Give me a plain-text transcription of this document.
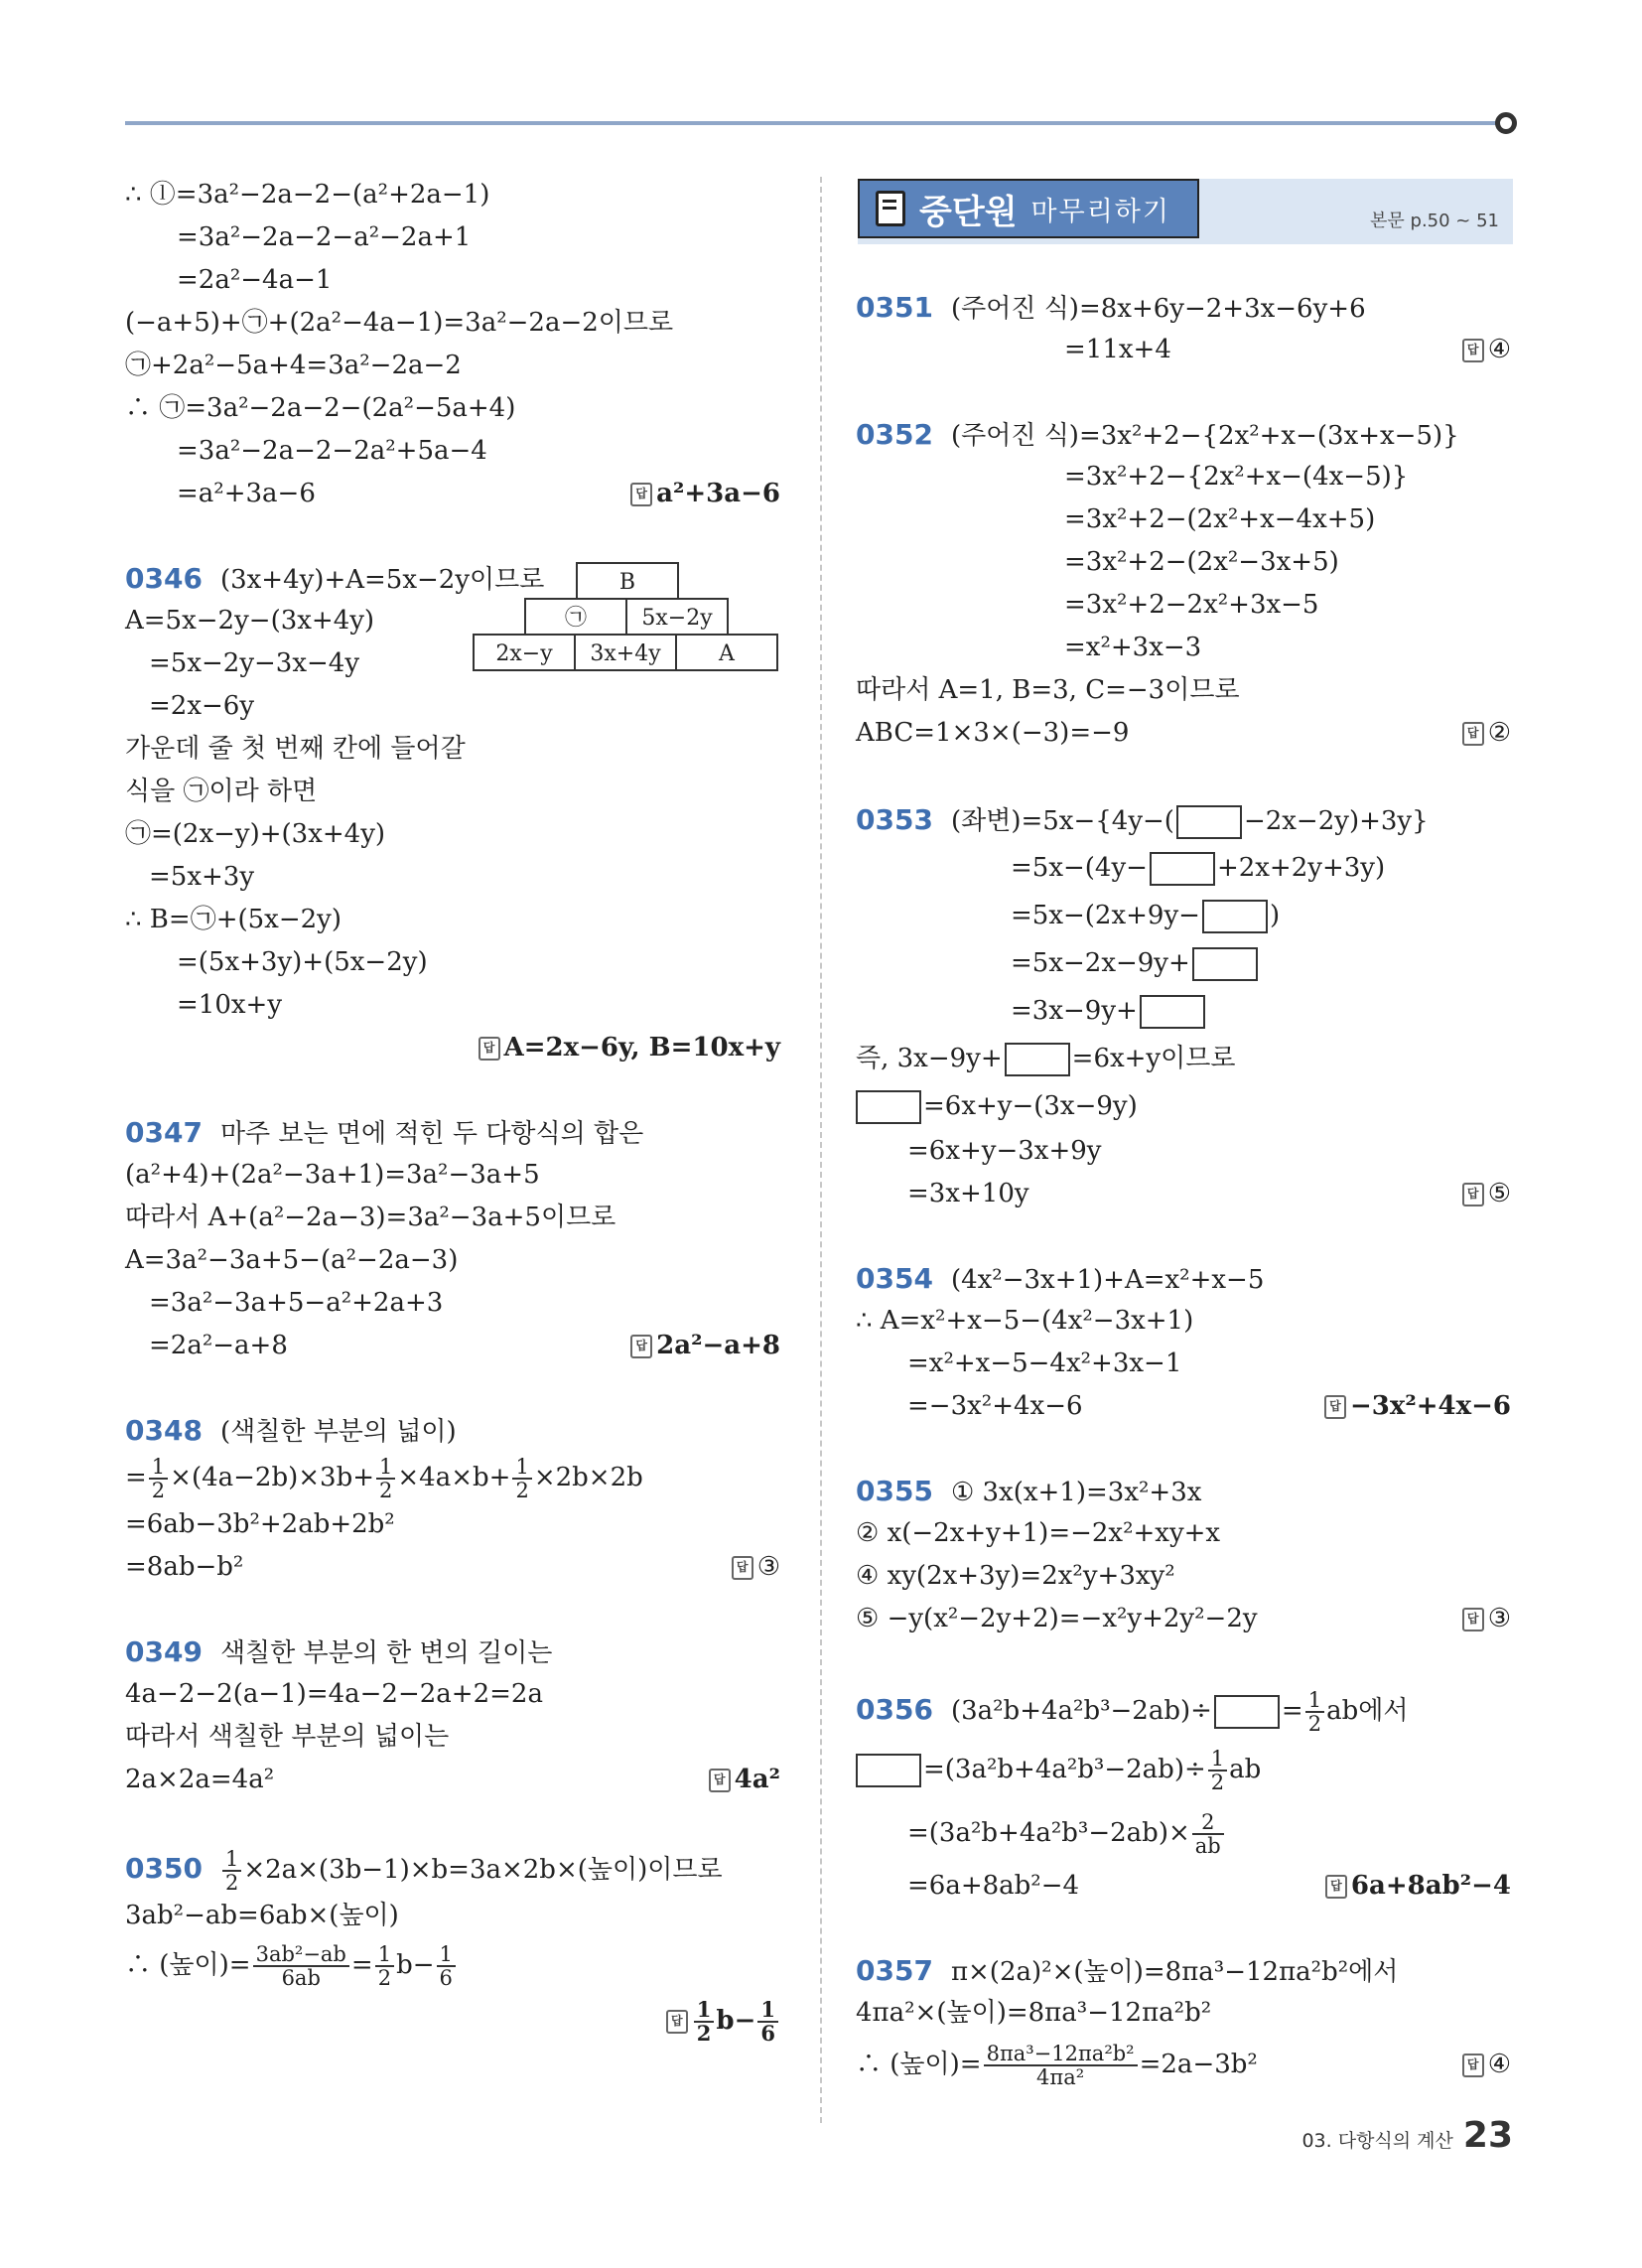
∴ ⓛ=3a²−2a−2−(a²+2a−1)
=3a²−2a−2−a²−2a+1
=2a²−4a−1
(−a+5)+㉠+(2a²−4a−1)=3a²−2a−2이므로
㉠+2a²−5a+4=3a²−2a−2
∴ ㉠=3a²−2a−2−(2a²−5a+4)
=3a²−2a−2−2a²+5a−4
=a²+3a−6	답 a²+3a−6
0346 (3x+4y)+A=5x−2y이므로
A=5x−2y−(3x+4y)
=5x−2y−3x−4y
=2x−6y
가운데 줄 첫 번째 칸에 들어갈
식을 ㉠이라 하면
㉠=(2x−y)+(3x+4y)
=5x+3y
∴ B=㉠+(5x−2y)
=(5x+3y)+(5x−2y)
=10x+y
답 A=2x−6y, B=10x+y
0347 마주 보는 면에 적힌 두 다항식의 합은
(a²+4)+(2a²−3a+1)=3a²−3a+5
따라서 A+(a²−2a−3)=3a²−3a+5이므로
A=3a²−3a+5−(a²−2a−3)
=3a²−3a+5−a²+2a+3
=2a²−a+8	답 2a²−a+8
0348 (색칠한 부분의 넓이)
= $\frac{1}{2} \times(4a-2b)\times 3b+ \frac{1}{2} \times 4a\times b+ \frac{1}{2} \times 2b\times 2b$
=6ab−3b²+2ab+2b²
=8ab−b²	답 ③
0349 색칠한 부분의 한 변의 길이는
4a−2−2(a−1)=4a−2−2a+2=2a
따라서 색칠한 부분의 넓이는
2a×2a=4a²	답 4a²
$0350 \frac{1}{2} \times 2a\times(3b-1)\times b=3a\times 2b\times$(높이)이므로
3ab²−ab=6ab×(높이)
∴ (높이)= $\frac{\text{3ab²−ab}}{6ab} = \frac{1}{2} b- \frac{1}{6}$
답 $\frac{1}{2} b- \frac{1}{6}$
B
㉠	5x−2y
2x−y	3x+4y	A
중단원 마무리하기	본문 p.50 ~ 51
0351 (주어진 식)=8x+6y−2+3x−6y+6
=11x+4	답 ④
0352 (주어진 식)=3x²+2−{2x²+x−(3x+x−5)}
=3x²+2−{2x²+x−(4x−5)}
=3x²+2−(2x²+x−4x+5)
=3x²+2−(2x²−3x+5)
=3x²+2−2x²+3x−5
=x²+3x−3
따라서 A=1, B=3, C=−3이므로
ABC=1×3×(−3)=−9	답 ②
0353 (좌변)=5x−{4y−(	−2x−2y)+3y}
=5x−(4y−	+2x+2y+3y)
=5x−(2x+9y−	)
=5x−2x−9y+
=3x−9y+
즉, 3x−9y+	=6x+y이므로
=6x+y−(3x−9y)
=6x+y−3x+9y
=3x+10y	답 ⑤
0354 (4x²−3x+1)+A=x²+x−5
∴ A=x²+x−5−(4x²−3x+1)
=x²+x−5−4x²+3x−1
=−3x²+4x−6	답 −3x²+4x−6
0355 ① 3x(x+1)=3x²+3x
② x(−2x+y+1)=−2x²+xy+x
④ xy(2x+3y)=2x²y+3xy²
⑤ −y(x²−2y+2)=−x²y+2y²−2y	답 ③
0356 (3a²b+4a²b³−2ab)÷	= $\frac{1}{2}$ ab에서
$=(3a^2b+4a^2b^3-2ab)\div \frac{1}{2}$ ab
$=(3a^2b+4a^2b^3-2ab)\times \frac{2}{ab}$
=6a+8ab²−4	답 6a+8ab²−4
0357 π×(2a)²×(높이)=8πa³−12πa²b²에서
4πa²×(높이)=8πa³−12πa²b²
∴ (높이)= $\frac{\text{8πa³−12πa²b²}}{\text{4πa²}} =2a-3b^2$	답 ④
03. 다항식의 계산 23
